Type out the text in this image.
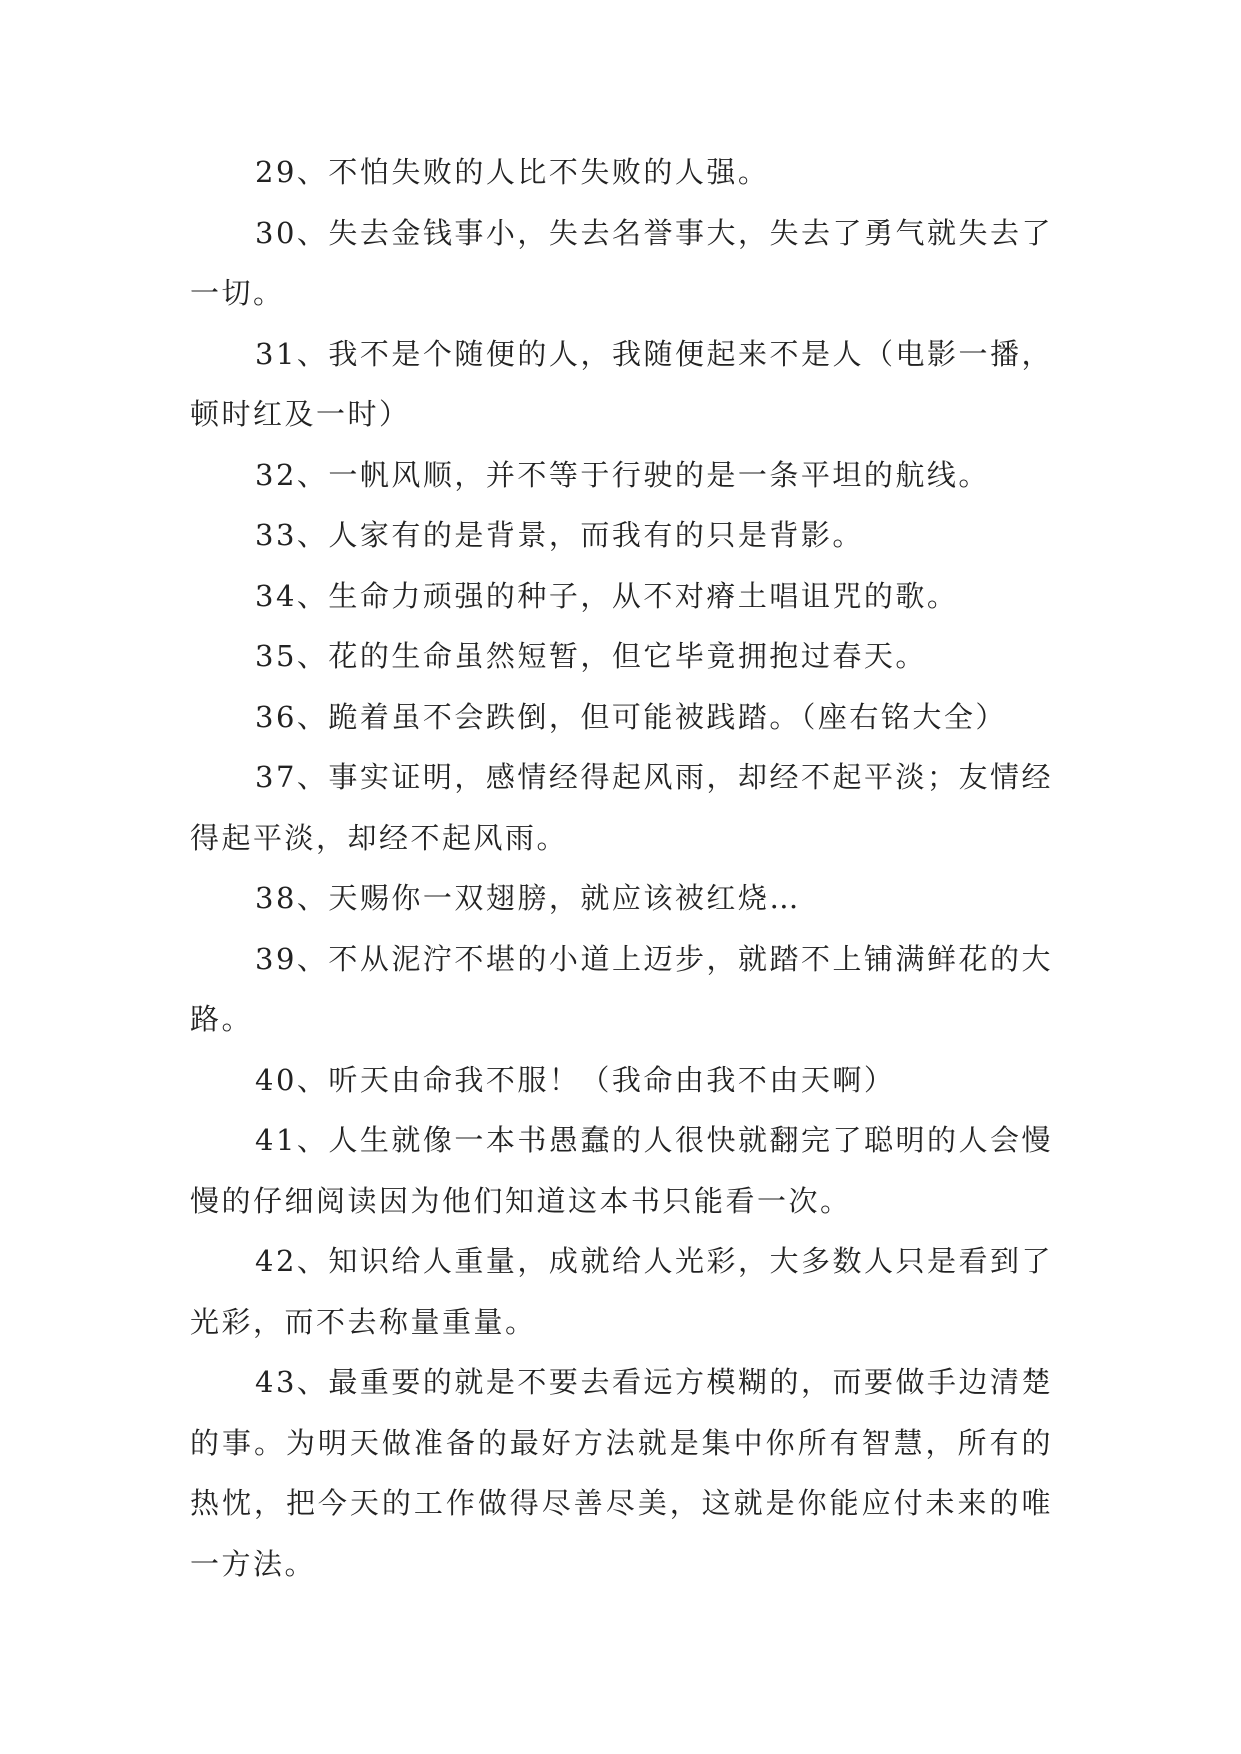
29、不怕失败的人比不失败的人强。

30、失去金钱事小，失去名誉事大，失去了勇气就失去了一切。

31、我不是个随便的人，我随便起来不是人（电影一播，顿时红及一时）

32、一帆风顺，并不等于行驶的是一条平坦的航线。

33、人家有的是背景，而我有的只是背影。

34、生命力顽强的种子，从不对瘠土唱诅咒的歌。

35、花的生命虽然短暂，但它毕竟拥抱过春天。

36、跪着虽不会跌倒，但可能被践踏。（座右铭大全）

37、事实证明，感情经得起风雨，却经不起平淡；友情经得起平淡，却经不起风雨。

38、天赐你一双翅膀，就应该被红烧…

39、不从泥泞不堪的小道上迈步，就踏不上铺满鲜花的大路。

40、听天由命我不服！（我命由我不由天啊）

41、人生就像一本书愚蠢的人很快就翻完了聪明的人会慢慢的仔细阅读因为他们知道这本书只能看一次。

42、知识给人重量，成就给人光彩，大多数人只是看到了光彩，而不去称量重量。

43、最重要的就是不要去看远方模糊的，而要做手边清楚的事。为明天做准备的最好方法就是集中你所有智慧，所有的热忱，把今天的工作做得尽善尽美，这就是你能应付未来的唯一方法。
